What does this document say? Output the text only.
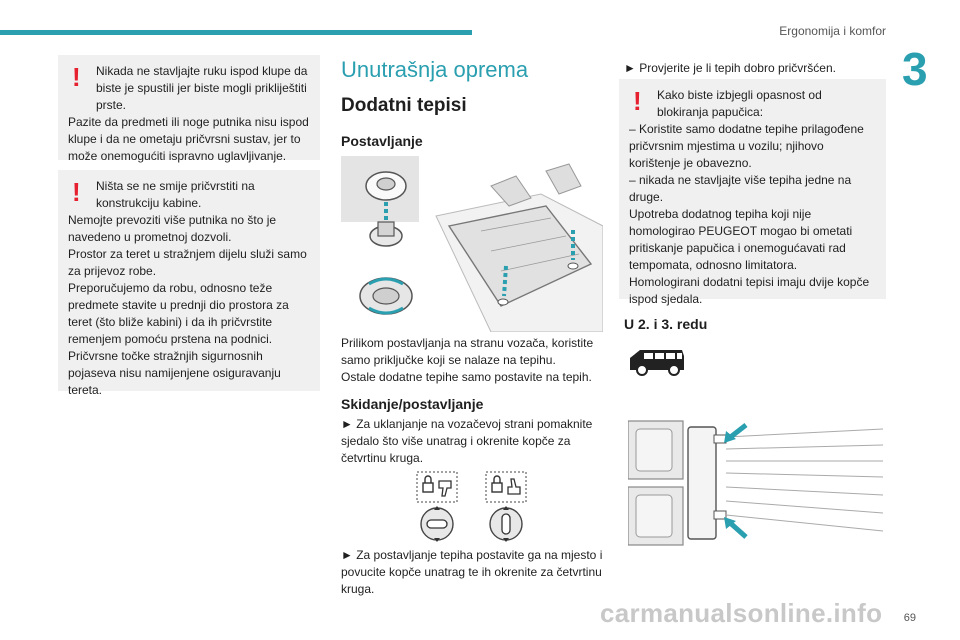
Ergonomija i komfor
3
!	Nikada ne stavljajte ruku ispod klupe da biste je spustili jer biste mogli prikliještiti prste.

Pazite da predmeti ili noge putnika nisu ispod klupe i da ne ometaju pričvrsni sustav, jer to može onemogućiti ispravno uglavljivanje.

!	Ništa se ne smije pričvrstiti na konstrukciju kabine.

Nemojte prevoziti više putnika no što je navedeno u prometnoj dozvoli.

Prostor za teret u stražnjem dijelu služi samo za prijevoz robe.

Preporučujemo da robu, odnosno teže predmete stavite u prednji dio prostora za teret (što bliže kabini) i da ih pričvrstite remenjem pomoću prstena na podnici.

Pričvrsne točke stražnjih sigurnosnih pojaseva nisu namijenjene osiguravanju tereta.

Unutrašnja oprema
Dodatni tepisi
Postavljanje

Prilikom postavljanja na stranu vozača, koristite samo priključke koji se nalaze na tepihu.

Ostale dodatne tepihe samo postavite na tepih.

Skidanje/postavljanje
► Za uklanjanje na vozačevoj strani pomaknite sjedalo što više unatrag i okrenite kopče za četvrtinu kruga.
► Za postavljanje tepiha postavite ga na mjesto i povucite kopče unatrag te ih okrenite za četvrtinu kruga.
► Provjerite je li tepih dobro pričvršćen.
!	Kako biste izbjegli opasnost od blokiranja papučica:

– Koristite samo dodatne tepihe prilagođene pričvrsnim mjestima u vozilu; njihovo korištenje je obavezno.

– nikada ne stavljajte više tepiha jedne na druge.

Upotreba dodatnog tepiha koji nije homologirao PEUGEOT mogao bi ometati pritiskanje papučica i onemogućavati rad tempomata, odnosno limitatora.

Homologirani dodatni tepisi imaju dvije kopče ispod sjedala.

U 2. i 3. redu
carmanualsonline.info 69
